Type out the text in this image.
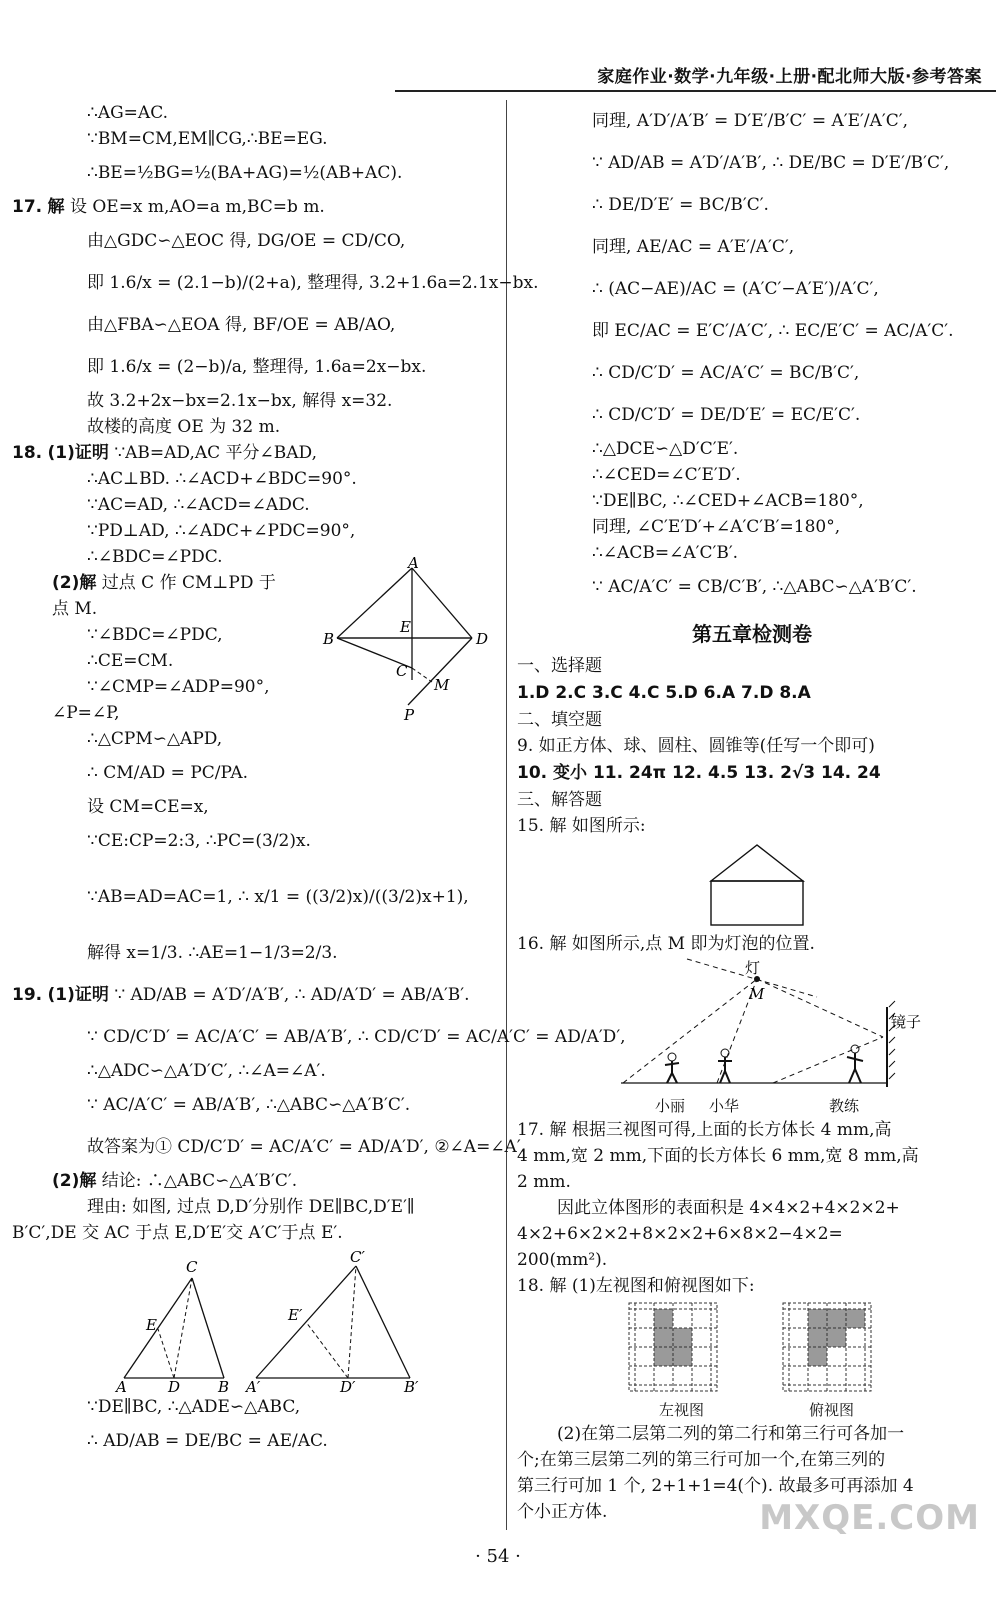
家庭作业·数学·九年级·上册·配北师大版·参考答案
∴AG=AC.
∵BM=CM,EM∥CG,∴BE=EG.
∴BE=½BG=½(BA+AG)=½(AB+AC).
17. 解 设 OE=x m,AO=a m,BC=b m.
由△GDC∽△EOC 得, DG/OE = CD/CO,
即 1.6/x = (2.1−b)/(2+a), 整理得, 3.2+1.6a=2.1x−bx.
由△FBA∽△EOA 得, BF/OE = AB/AO,
即 1.6/x = (2−b)/a, 整理得, 1.6a=2x−bx.
故 3.2+2x−bx=2.1x−bx, 解得 x=32.
故楼的高度 OE 为 32 m.
18. (1)证明 ∵AB=AD,AC 平分∠BAD,
∴AC⊥BD. ∴∠ACD+∠BDC=90°.
∵AC=AD, ∴∠ACD=∠ADC.
∵PD⊥AD, ∴∠ADC+∠PDC=90°,
∴∠BDC=∠PDC.
(2)解 过点 C 作 CM⊥PD 于
点 M.
∵∠BDC=∠PDC,
∴CE=CM.
∵∠CMP=∠ADP=90°,
∠P=∠P,
∴△CPM∽△APD,
∴ CM/AD = PC/PA.
设 CM=CE=x,
∵CE:CP=2:3, ∴PC=(3/2)x.
∵AB=AD=AC=1, ∴ x/1 = ((3/2)x)/((3/2)x+1),
解得 x=1/3. ∴AE=1−1/3=2/3.
A
B
E
D
C
M
P
19. (1)证明 ∵ AD/AB = A′D′/A′B′, ∴ AD/A′D′ = AB/A′B′.
∵ CD/C′D′ = AC/A′C′ = AB/A′B′, ∴ CD/C′D′ = AC/A′C′ = AD/A′D′,
∴△ADC∽△A′D′C′, ∴∠A=∠A′.
∵ AC/A′C′ = AB/A′B′, ∴△ABC∽△A′B′C′.
故答案为① CD/C′D′ = AC/A′C′ = AD/A′D′, ②∠A=∠A′.
(2)解 结论: ∴△ABC∽△A′B′C′.
理由: 如图, 过点 D,D′分别作 DE∥BC,D′E′∥
B′C′,DE 交 AC 于点 E,D′E′交 A′C′于点 E′.
C
E
A	D	B
C′
E′
A′	D′	B′
∵DE∥BC, ∴△ADE∽△ABC,
∴ AD/AB = DE/BC = AE/AC.
同理, A′D′/A′B′ = D′E′/B′C′ = A′E′/A′C′,
∵ AD/AB = A′D′/A′B′, ∴ DE/BC = D′E′/B′C′,
∴ DE/D′E′ = BC/B′C′.
同理, AE/AC = A′E′/A′C′,
∴ (AC−AE)/AC = (A′C′−A′E′)/A′C′,
即 EC/AC = E′C′/A′C′, ∴ EC/E′C′ = AC/A′C′.
∴ CD/C′D′ = AC/A′C′ = BC/B′C′,
∴ CD/C′D′ = DE/D′E′ = EC/E′C′.
∴△DCE∽△D′C′E′.
∴∠CED=∠C′E′D′.
∵DE∥BC, ∴∠CED+∠ACB=180°,
同理, ∠C′E′D′+∠A′C′B′=180°,
∴∠ACB=∠A′C′B′.
∵ AC/A′C′ = CB/C′B′, ∴△ABC∽△A′B′C′.
第五章检测卷
一、选择题
1.D 2.C 3.C 4.C 5.D 6.A 7.D 8.A
二、填空题
9. 如正方体、球、圆柱、圆锥等(任写一个即可)
10. 变小 11. 24π 12. 4.5 13. 2√3 14. 24
三、解答题
15. 解 如图所示:
16. 解 如图所示,点 M 即为灯泡的位置.
灯
M
镜子
小丽 小华	教练
17. 解 根据三视图可得,上面的长方体长 4 mm,高
4 mm,宽 2 mm,下面的长方体长 6 mm,宽 8 mm,高
2 mm.
因此立体图形的表面积是 4×4×2+4×2×2+
4×2+6×2×2+8×2×2+6×8×2−4×2=
200(mm²).
18. 解 (1)左视图和俯视图如下:
左视图	俯视图
(2)在第二层第二列的第二行和第三行可各加一
个;在第三层第二列的第三行可加一个,在第三列的
第三行可加 1 个, 2+1+1=4(个). 故最多可再添加 4
个小正方体.
· 54 ·
MXQE.COM
